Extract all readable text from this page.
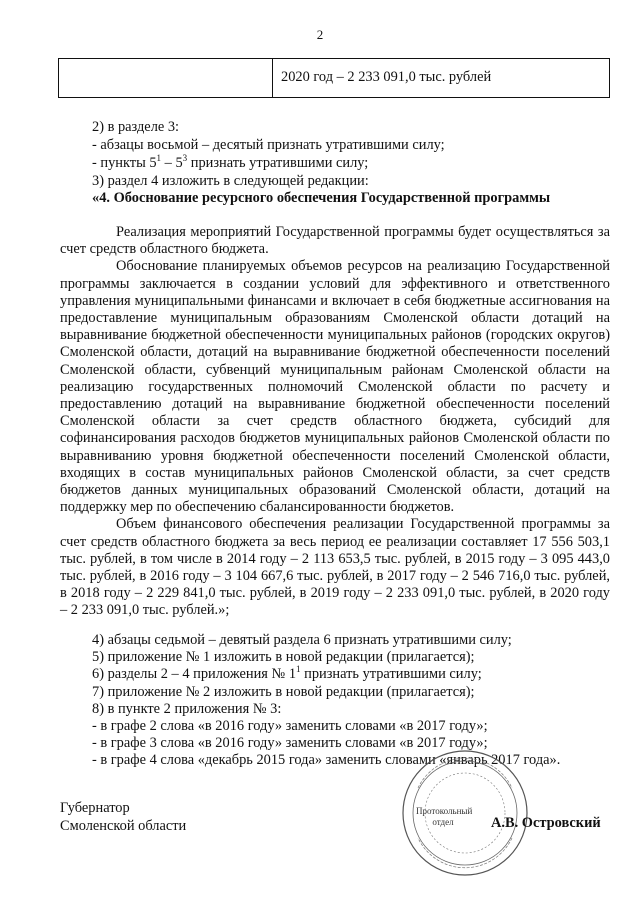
2
	2020 год – 2 233 091,0 тыс. рублей
2) в разделе 3:
- абзацы восьмой – десятый признать утратившими силу;
- пункты $5^1 - 5^3$ признать утратившими силу;
3) раздел 4 изложить в следующей редакции:
«4. Обоснование ресурсного обеспечения Государственной программы

Реализация мероприятий Государственной программы будет осуществляться за счет средств областного бюджета.

Обоснование планируемых объемов ресурсов на реализацию Государственной программы заключается в создании условий для эффективного и ответственного управления муниципальными финансами и включает в себя бюджетные ассигнования на предоставление муниципальным образованиям Смоленской области дотаций на выравнивание бюджетной обеспеченности муниципальных районов (городских округов) Смоленской области, дотаций на выравнивание бюджетной обеспеченности поселений Смоленской области, субвенций муниципальным районам Смоленской области на реализацию государственных полномочий Смоленской области по расчету и предоставлению дотаций на выравнивание бюджетной обеспеченности поселений Смоленской области за счет средств областного бюджета, субсидий для софинансирования расходов бюджетов муниципальных районов Смоленской области по выравниванию уровня бюджетной обеспеченности поселений Смоленской области, входящих в состав муниципальных районов Смоленской области, за счет средств бюджетов данных муниципальных образований Смоленской области, дотаций на поддержку мер по обеспечению сбалансированности бюджетов.

Объем финансового обеспечения реализации Государственной программы за счет средств областного бюджета за весь период ее реализации составляет 17 556 503,1 тыс. рублей, в том числе в 2014 году – 2 113 653,5 тыс. рублей, в 2015 году – 3 095 443,0 тыс. рублей, в 2016 году – 3 104 667,6 тыс. рублей, в 2017 году – 2 546 716,0 тыс. рублей, в 2018 году – 2 229 841,0 тыс. рублей, в 2019 году – 2 233 091,0 тыс. рублей, в 2020 году – 2 233 091,0 тыс. рублей.»;

4) абзацы седьмой – девятый раздела 6 признать утратившими силу;
5) приложение № 1 изложить в новой редакции (прилагается);
6) разделы 2 – 4 приложения № $1^1$ признать утратившими силу;
7) приложение № 2 изложить в новой редакции (прилагается);
8) в пункте 2 приложения № 3:
- в графе 2 слова «в 2016 году» заменить словами «в 2017 году»;
- в графе 3 слова «в 2016 году» заменить словами «в 2017 году»;
- в графе 4 слова «декабрь 2015 года» заменить словами «январь 2017 года».
Протокольный
отдел
Губернатор
Смоленской области	А.В. Островский
